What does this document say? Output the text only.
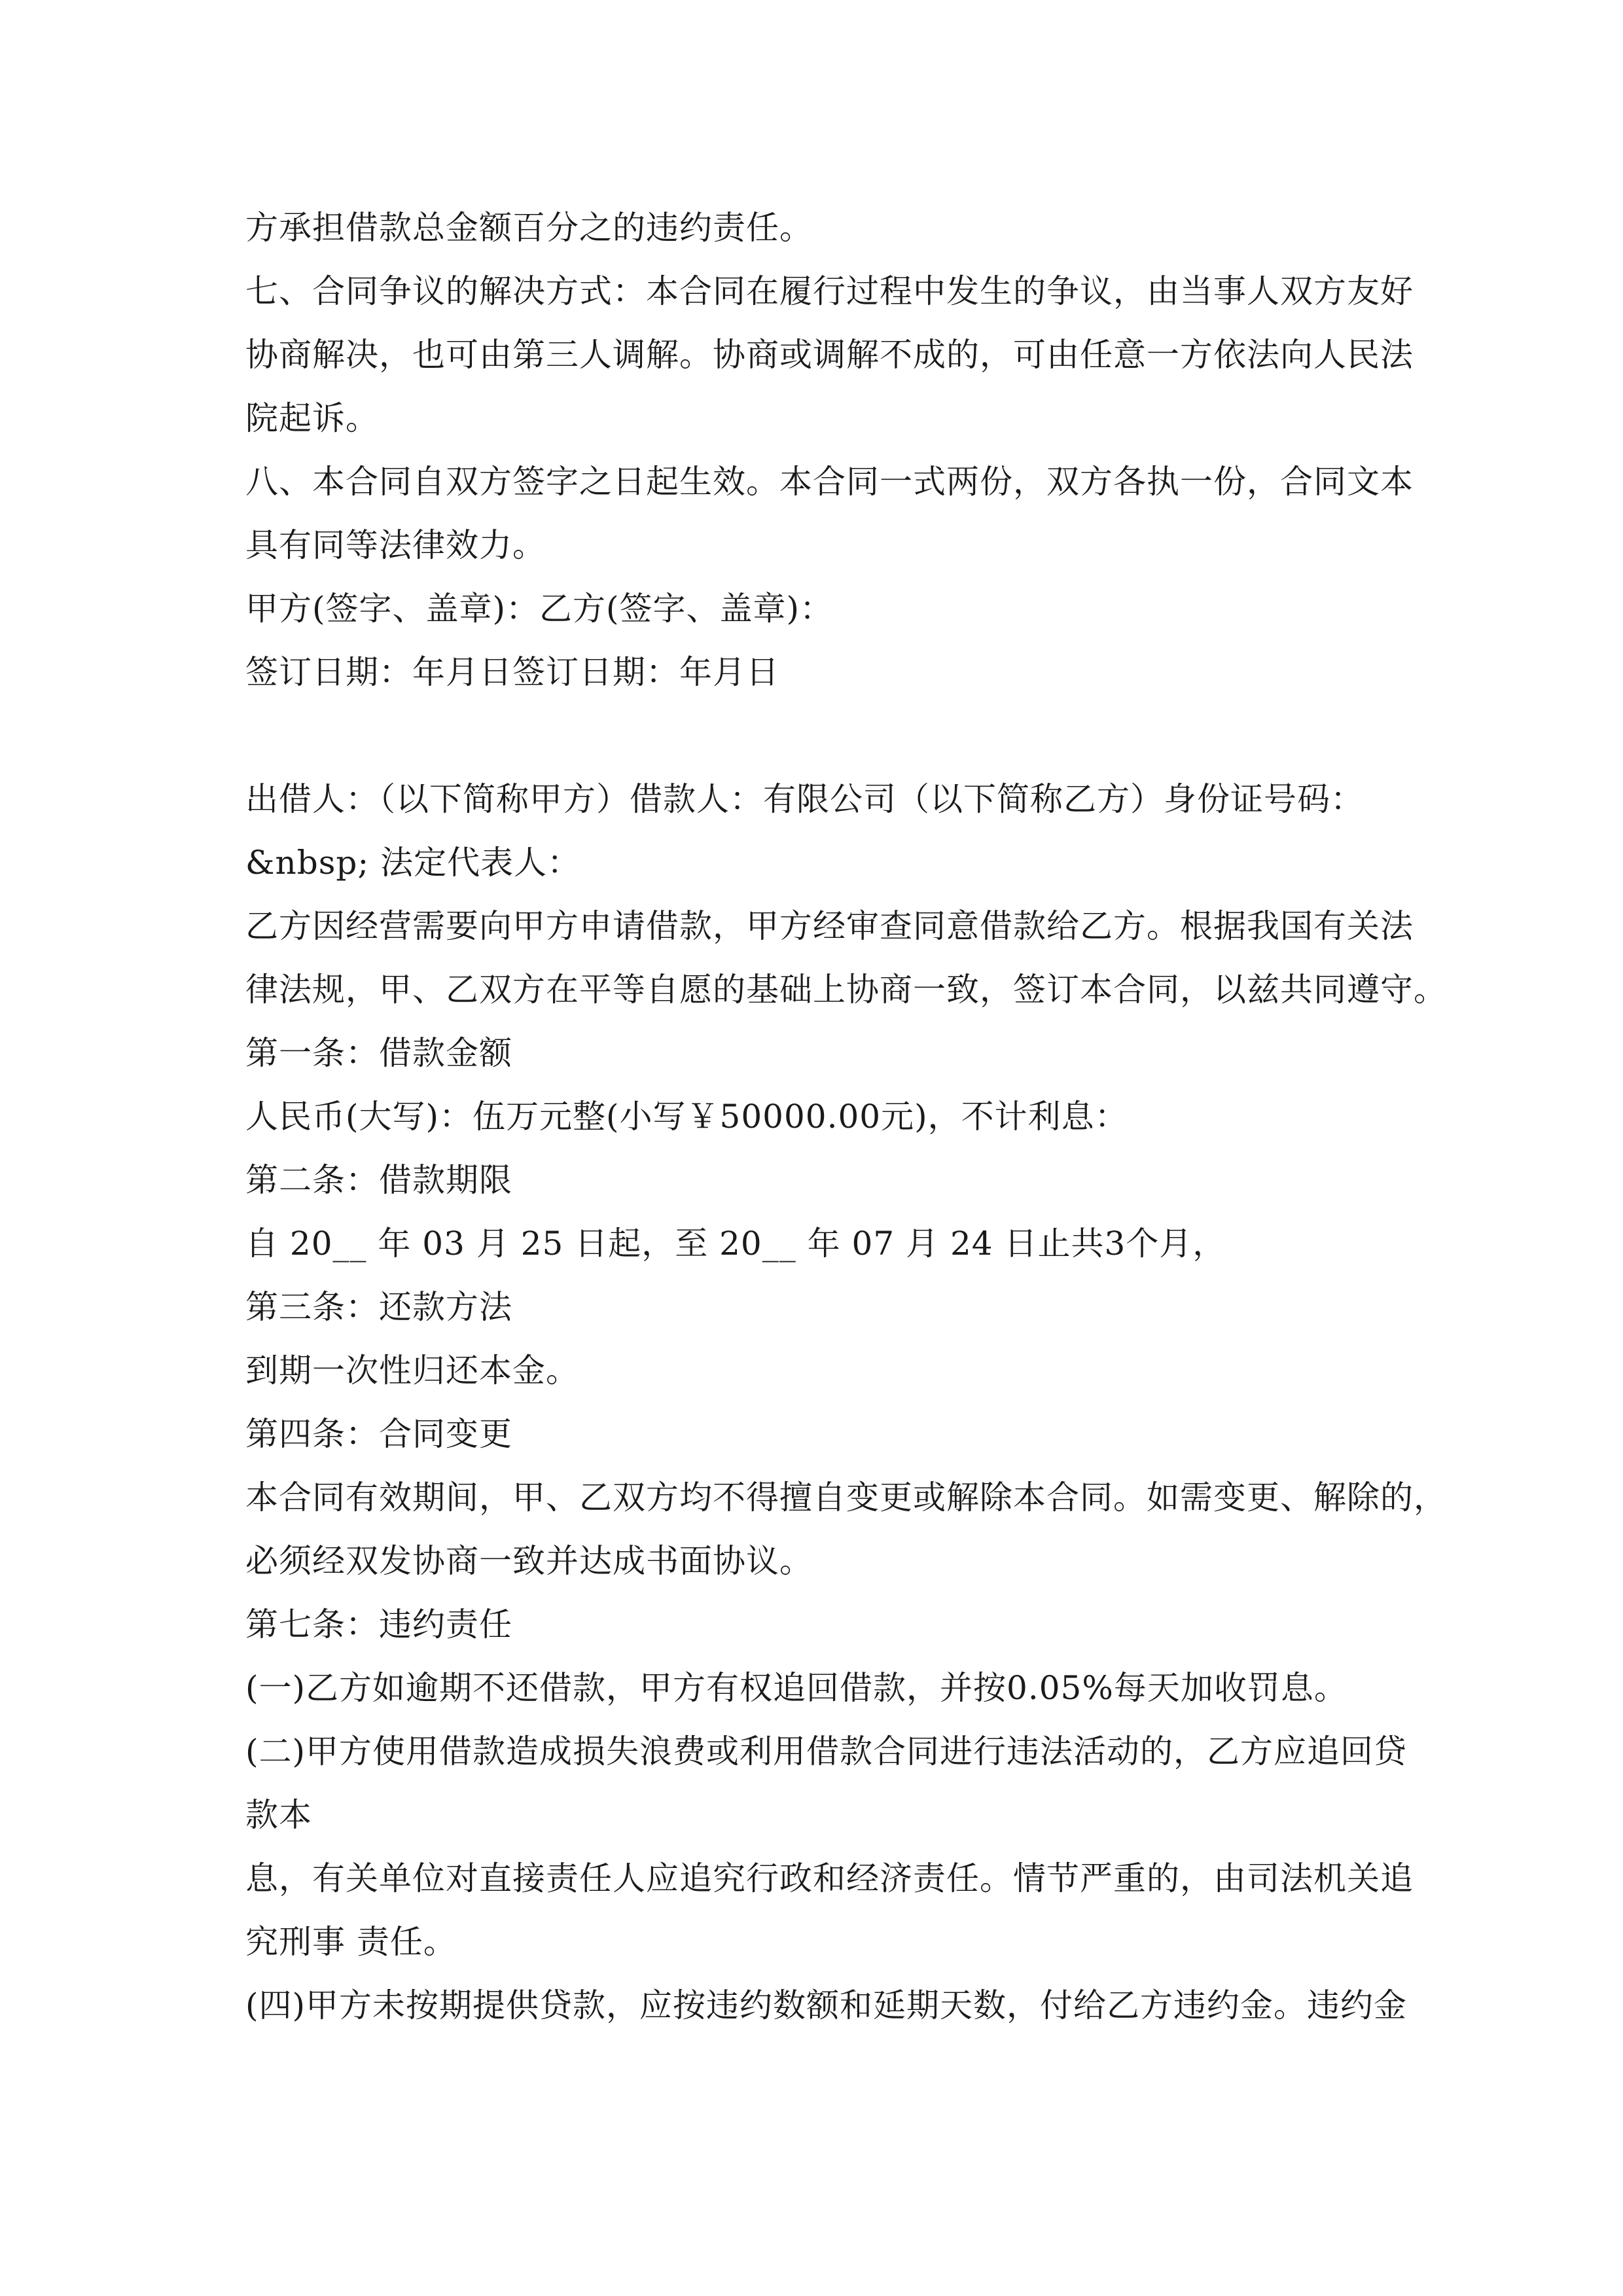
方承担借款总金额百分之的违约责任。
七、合同争议的解决方式：本合同在履行过程中发生的争议，由当事人双方友好
协商解决，也可由第三人调解。协商或调解不成的，可由任意一方依法向人民法
院起诉。
八、本合同自双方签字之日起生效。本合同一式两份，双方各执一份，合同文本
具有同等法律效力。
甲方(签字、盖章)：乙方(签字、盖章)：
签订日期：年月日签订日期：年月日
出借人：（以下简称甲方）借款人：有限公司（以下简称乙方）身份证号码：
&nbsp; 法定代表人：
乙方因经营需要向甲方申请借款，甲方经审查同意借款给乙方。根据我国有关法
律法规，甲、乙双方在平等自愿的基础上协商一致，签订本合同，以兹共同遵守。
第一条：借款金额
人民币(大写)：伍万元整(小写￥50000.00元)，不计利息：
第二条：借款期限
自 20__ 年 03 月 25 日起，至 20__ 年 07 月 24 日止共3个月，
第三条：还款方法
到期一次性归还本金。
第四条：合同变更
本合同有效期间，甲、乙双方均不得擅自变更或解除本合同。如需变更、解除的，
必须经双发协商一致并达成书面协议。
第七条：违约责任
(一)乙方如逾期不还借款，甲方有权追回借款，并按0.05%每天加收罚息。
(二)甲方使用借款造成损失浪费或利用借款合同进行违法活动的，乙方应追回贷
款本
息，有关单位对直接责任人应追究行政和经济责任。情节严重的，由司法机关追
究刑事 责任。
(四)甲方未按期提供贷款，应按违约数额和延期天数，付给乙方违约金。违约金
